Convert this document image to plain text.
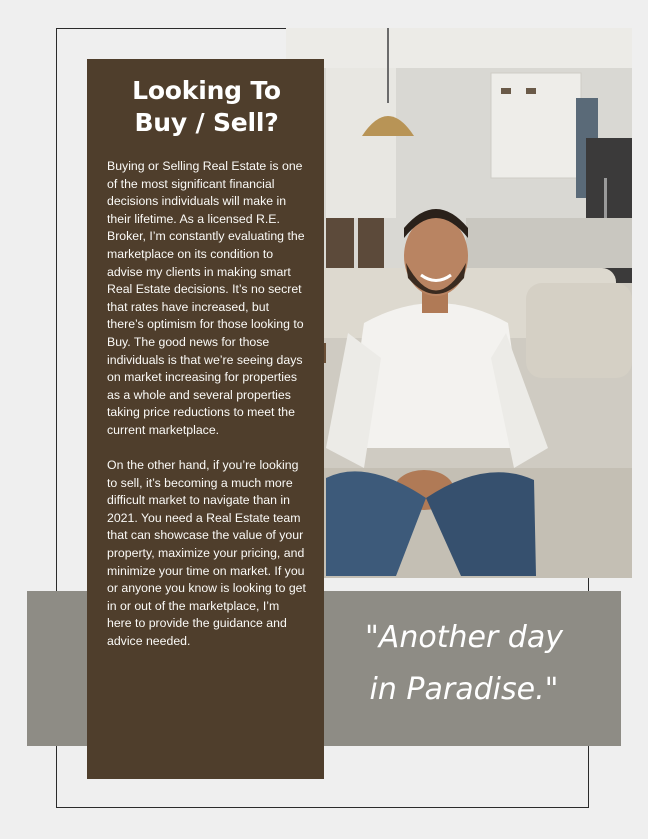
Looking To
Buy / Sell?

Buying or Selling Real Estate is one of the most significant financial decisions individuals will make in their lifetime. As a licensed R.E. Broker, I’m constantly evaluating the marketplace on its condition to advise my clients in making smart Real Estate decisions. It’s no secret that rates have increased, but there’s optimism for those looking to Buy. The good news for those individuals is that we’re seeing days on market increasing for properties as a whole and several properties taking price reductions to meet the current marketplace.

On the other hand, if you’re looking to sell, it’s becoming a much more difficult market to navigate than in 2021. You need a Real Estate team that can showcase the value of your property, maximize your pricing, and minimize your time on market. If you or anyone you know is looking to get in or out of the marketplace, I’m here to provide the guidance and advice needed.	"Another day
in Paradise."
